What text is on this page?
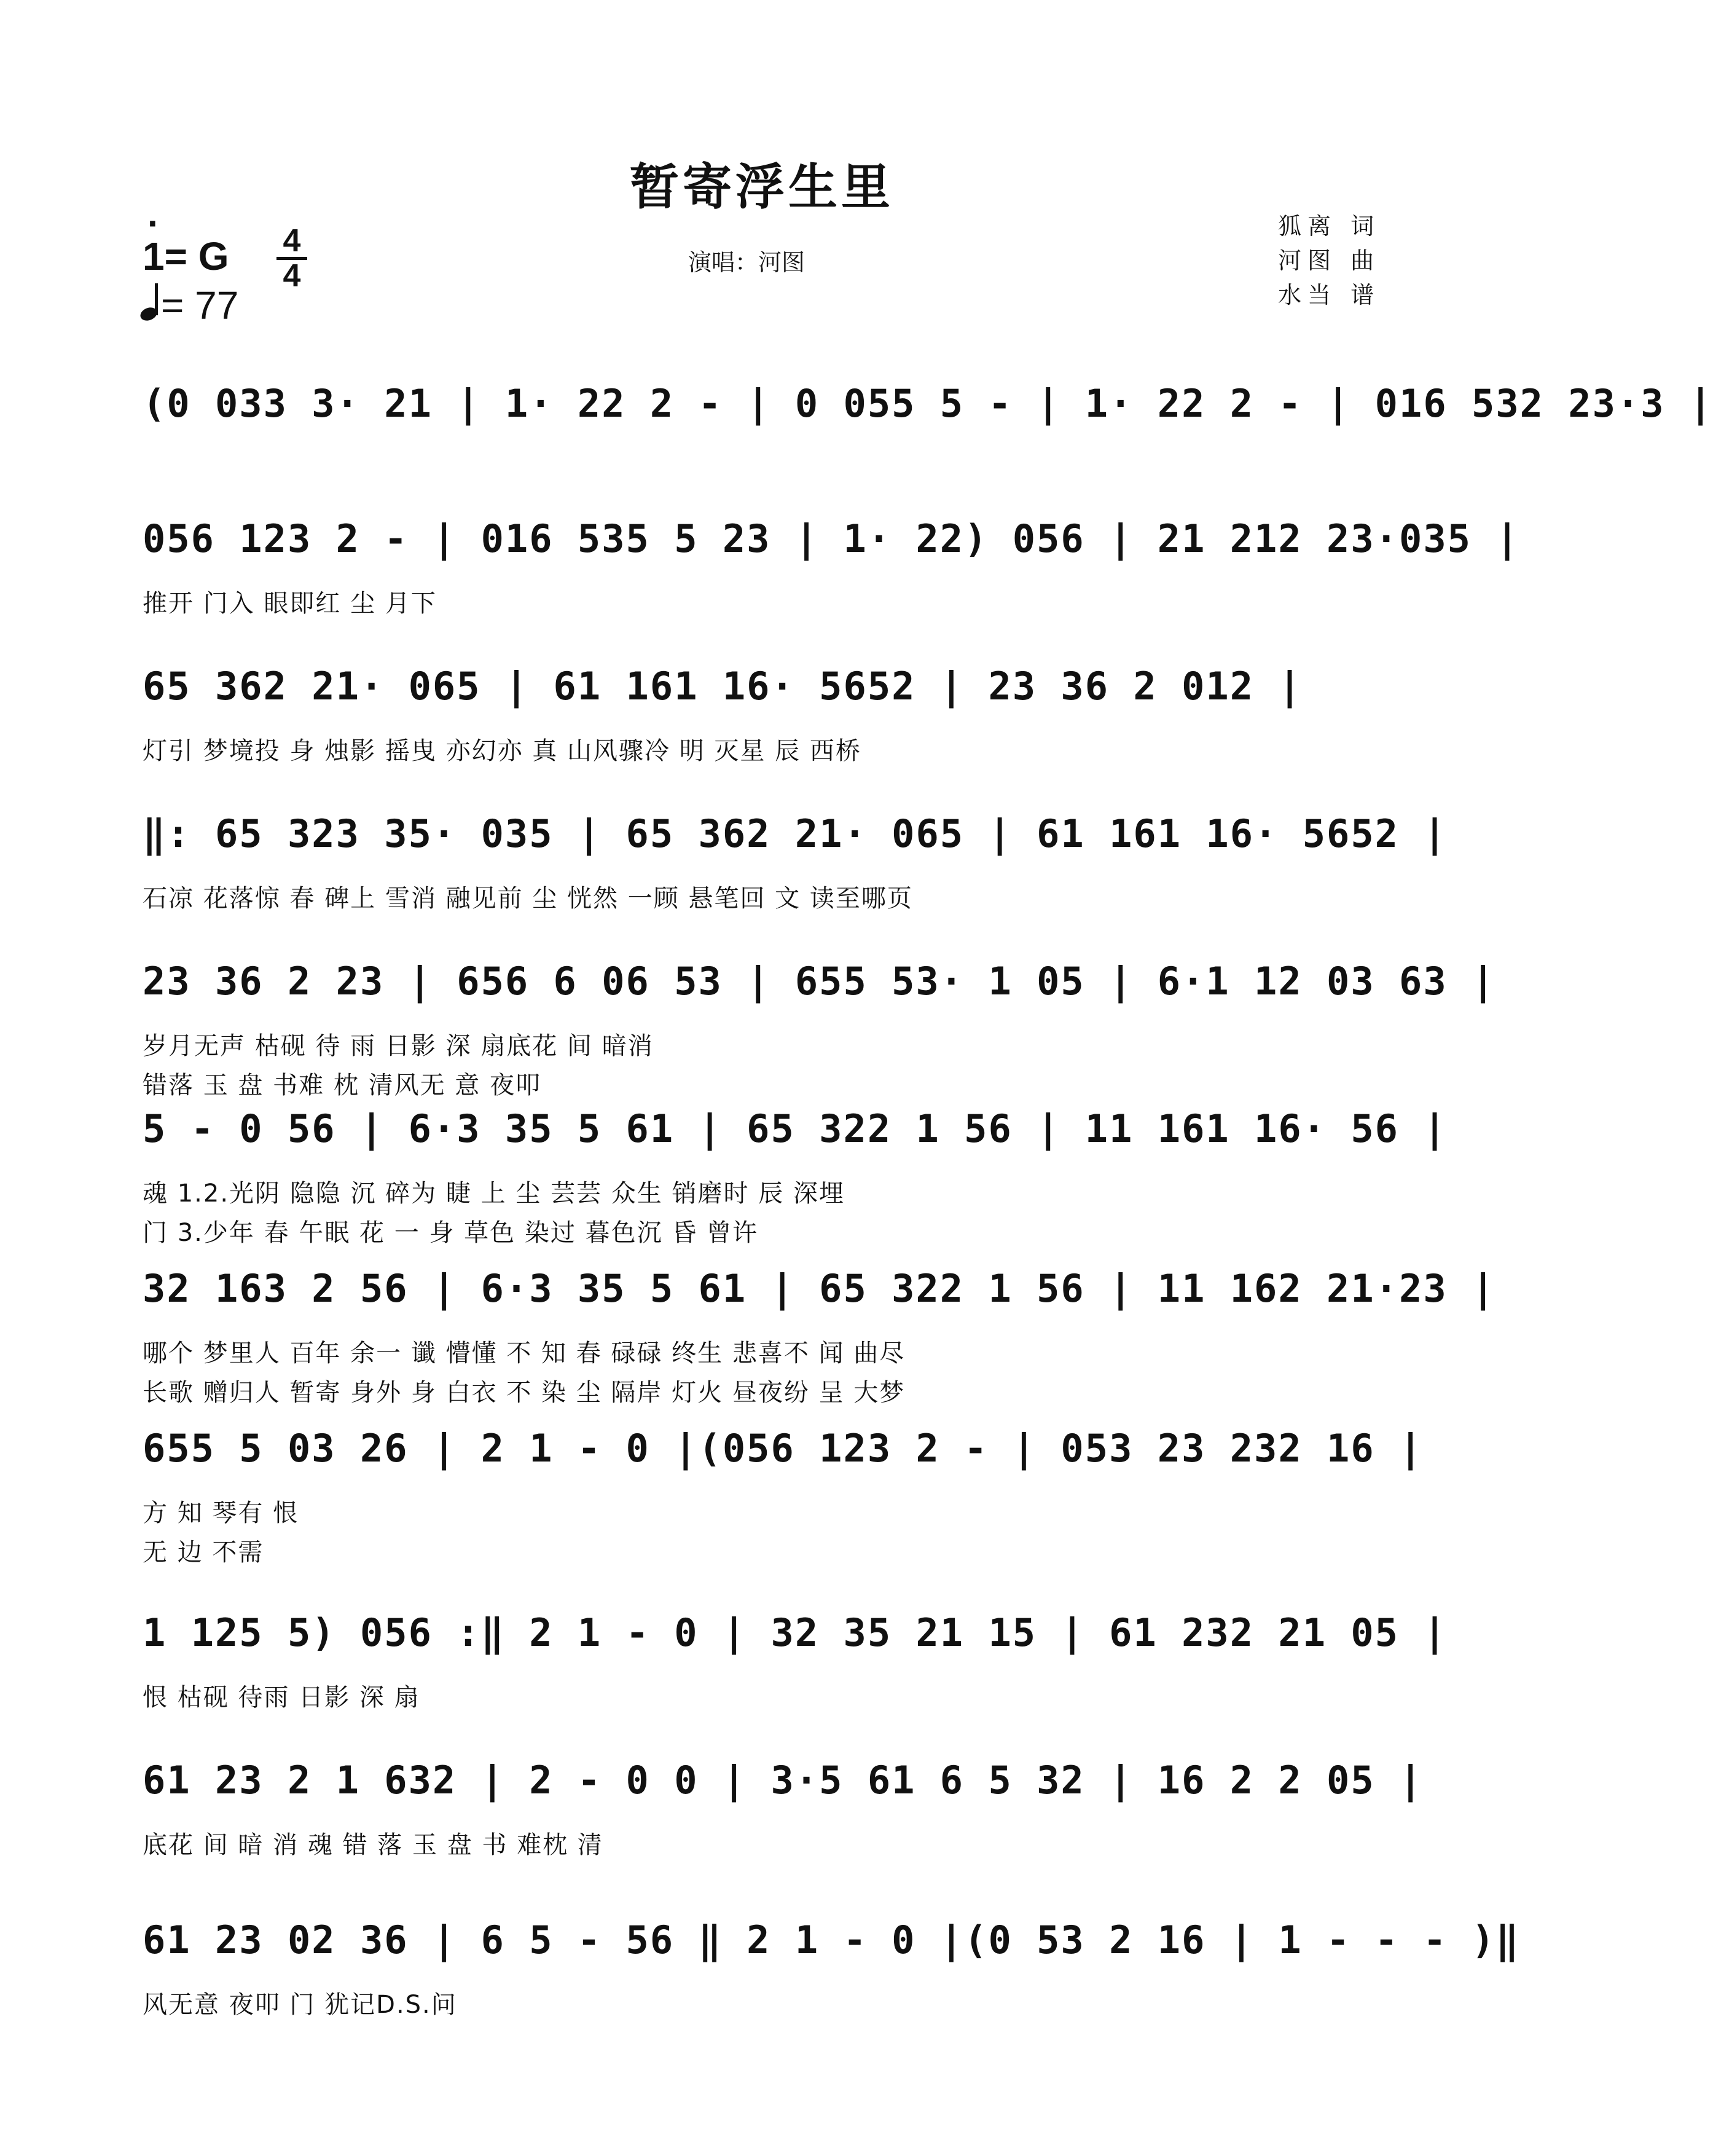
暂寄浮生里
· 1= G 4
4
= 77
演唱：河图
狐离 词
河图 曲
水当 谱
(0 033 3· 21 | 1· 22 2 - | 0 055 5 - | 1· 22 2 - | 016 532 23·3 |
056 123 2 - | 016 535 5 23 | 1· 22) 056 | 21 212 23·035 |
推开 门入 眼即红 尘 月下
65 362 21· 065 | 61 161 16· 5652 | 23 36 2 012 |
灯引 梦境投 身 烛影 摇曳 亦幻亦 真 山风骤冷 明 灭星 辰 西桥
‖: 65 323 35· 035 | 65 362 21· 065 | 61 161 16· 5652 |
石凉 花落惊 春 碑上 雪消 融见前 尘 恍然 一顾 悬笔回 文 读至哪页
23 36 2 23 | 656 6 06 53 | 655 53· 1 05 | 6·1 12 03 63 |
岁月无声 枯砚 待 雨 日影 深 扇底花 间 暗消
错落 玉 盘 书难 枕 清风无 意 夜叩
5 - 0 56 | 6·3 35 5 61 | 65 322 1 56 | 11 161 16· 56 |
魂 1.2.光阴 隐隐 沉 碎为 睫 上 尘 芸芸 众生 销磨时 辰 深埋
门 3.少年 春 午眠 花 一 身 草色 染过 暮色沉 昏 曾许
32 163 2 56 | 6·3 35 5 61 | 65 322 1 56 | 11 162 21·23 |
哪个 梦里人 百年 余一 谶 懵懂 不 知 春 碌碌 终生 悲喜不 闻 曲尽
长歌 赠归人 暂寄 身外 身 白衣 不 染 尘 隔岸 灯火 昼夜纷 呈 大梦
655 5 03 26 | 2 1 - 0 |(056 123 2 - | 053 23 232 16 |
方 知 琴有 恨
无 边 不需
1 125 5) 056 :‖ 2 1 - 0 | 32 35 21 15 | 61 232 21 05 |
恨 枯砚 待雨 日影 深 扇
61 23 2 1 632 | 2 - 0 0 | 3·5 61 6 5 32 | 16 2 2 05 |
底花 间 暗 消 魂 错 落 玉 盘 书 难枕 清
61 23 02 36 | 6 5 - 56 ‖ 2 1 - 0 |(0 53 2 16 | 1 - - - )‖
风无意 夜叩 门 犹记D.S.问
